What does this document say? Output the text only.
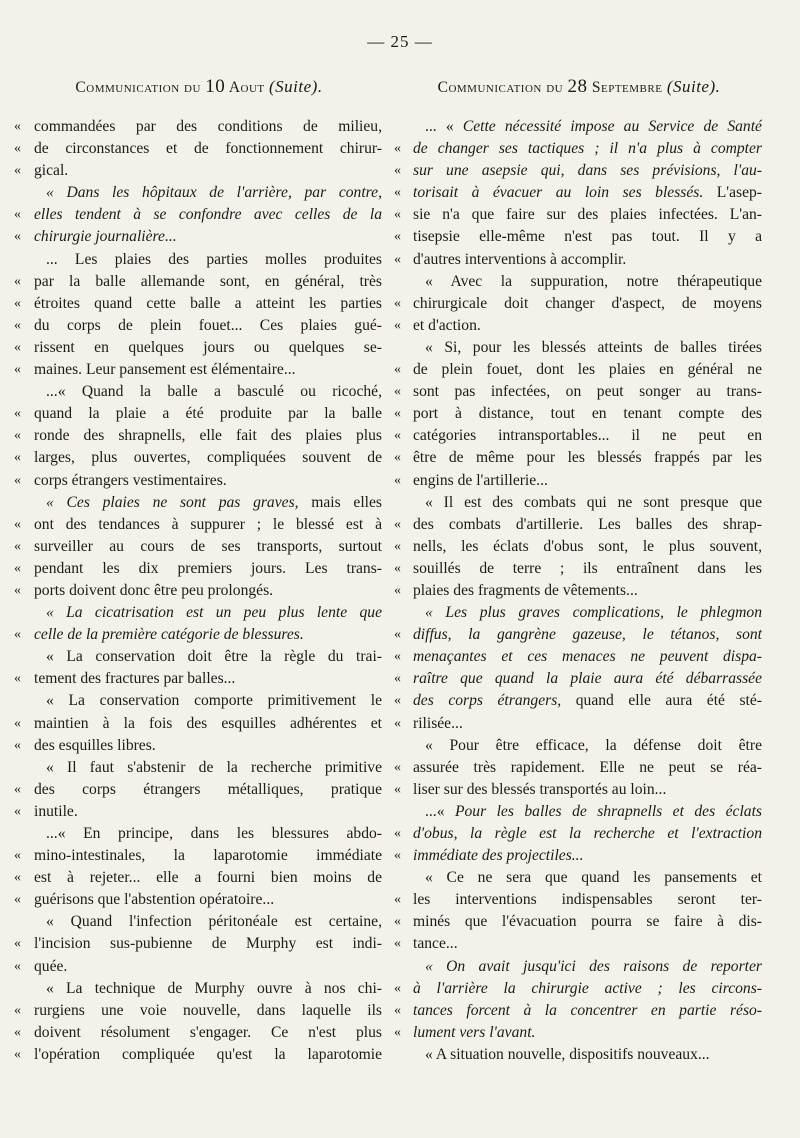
— 25 —
Communication du 10 Aout (Suite).
« commandées par des conditions de milieu,
« de circonstances et de fonctionnement chirur-
« gical.
« Dans les hôpitaux de l'arrière, par contre,
« elles tendent à se confondre avec celles de la
« chirurgie journalière...
... Les plaies des parties molles produites
« par la balle allemande sont, en général, très
« étroites quand cette balle a atteint les parties
« du corps de plein fouet... Ces plaies gué-
« rissent en quelques jours ou quelques se-
« maines. Leur pansement est élémentaire...
...« Quand la balle a basculé ou ricoché,
« quand la plaie a été produite par la balle
« ronde des shrapnells, elle fait des plaies plus
« larges, plus ouvertes, compliquées souvent de
« corps étrangers vestimentaires.
« Ces plaies ne sont pas graves, mais elles
« ont des tendances à suppurer ; le blessé est à
« surveiller au cours de ses transports, surtout
« pendant les dix premiers jours. Les trans-
« ports doivent donc être peu prolongés.
« La cicatrisation est un peu plus lente que
« celle de la première catégorie de blessures.
« La conservation doit être la règle du trai-
« tement des fractures par balles...
« La conservation comporte primitivement le
« maintien à la fois des esquilles adhérentes et
« des esquilles libres.
« Il faut s'abstenir de la recherche primitive
« des corps étrangers métalliques, pratique
« inutile.
...« En principe, dans les blessures abdo-
« mino-intestinales, la laparotomie immédiate
« est à rejeter... elle a fourni bien moins de
« guérisons que l'abstention opératoire...
« Quand l'infection péritonéale est certaine,
« l'incision sus-pubienne de Murphy est indi-
« quée.
« La technique de Murphy ouvre à nos chi-
« rurgiens une voie nouvelle, dans laquelle ils
« doivent résolument s'engager. Ce n'est plus
« l'opération compliquée qu'est la laparotomie
Communication du 28 Septembre (Suite).
... « Cette nécessité impose au Service de Santé
« de changer ses tactiques ; il n'a plus à compter
« sur une asepsie qui, dans ses prévisions, l'au-
« torisait à évacuer au loin ses blessés. L'asep-
« sie n'a que faire sur des plaies infectées. L'an-
« tisepsie elle-même n'est pas tout. Il y a
« d'autres interventions à accomplir.
« Avec la suppuration, notre thérapeutique
« chirurgicale doit changer d'aspect, de moyens
« et d'action.
« Si, pour les blessés atteints de balles tirées
« de plein fouet, dont les plaies en général ne
« sont pas infectées, on peut songer au trans-
« port à distance, tout en tenant compte des
« catégories intransportables... il ne peut en
« être de même pour les blessés frappés par les
« engins de l'artillerie...
« Il est des combats qui ne sont presque que
« des combats d'artillerie. Les balles des shrap-
« nells, les éclats d'obus sont, le plus souvent,
« souillés de terre ; ils entraînent dans les
« plaies des fragments de vêtements...
« Les plus graves complications, le phlegmon
« diffus, la gangrène gazeuse, le tétanos, sont
« menaçantes et ces menaces ne peuvent dispa-
« raître que quand la plaie aura été débarrassée
« des corps étrangers, quand elle aura été sté-
« rilisée...
« Pour être efficace, la défense doit être
« assurée très rapidement. Elle ne peut se réa-
« liser sur des blessés transportés au loin...
...« Pour les balles de shrapnells et des éclats
« d'obus, la règle est la recherche et l'extraction
« immédiate des projectiles...
« Ce ne sera que quand les pansements et
« les interventions indispensables seront ter-
« minés que l'évacuation pourra se faire à dis-
« tance...
« On avait jusqu'ici des raisons de reporter
« à l'arrière la chirurgie active ; les circons-
« tances forcent à la concentrer en partie réso-
« lument vers l'avant.
« A situation nouvelle, dispositifs nouveaux...
